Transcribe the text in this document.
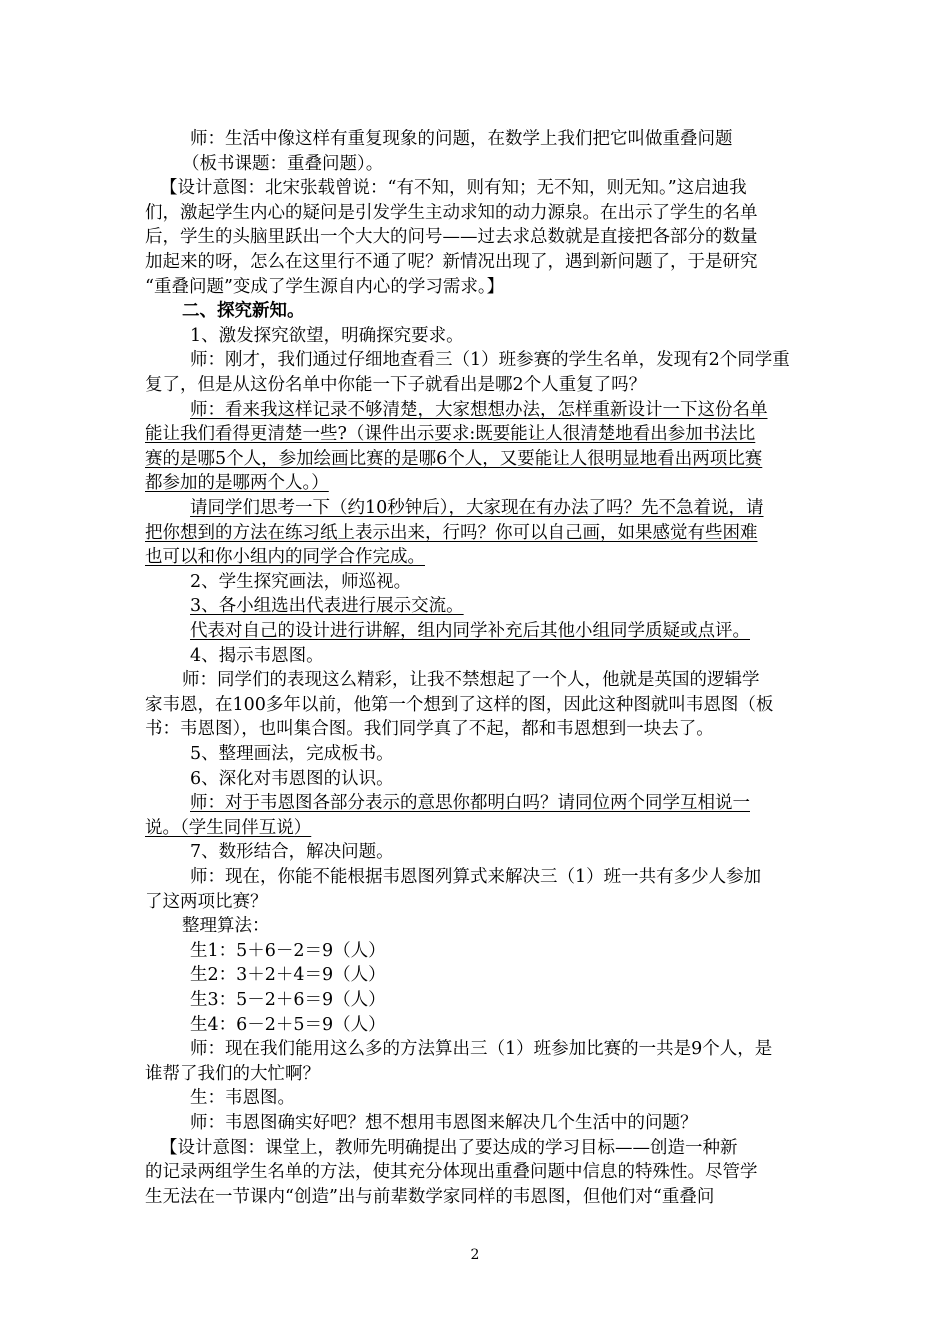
师：生活中像这样有重复现象的问题，在数学上我们把它叫做重叠问题
（板书课题：重叠问题）。
【设计意图：北宋张载曾说：“有不知，则有知；无不知，则无知。”这启迪我
们，激起学生内心的疑问是引发学生主动求知的动力源泉。在出示了学生的名单
后，学生的头脑里跃出一个大大的问号——过去求总数就是直接把各部分的数量
加起来的呀，怎么在这里行不通了呢？新情况出现了，遇到新问题了，于是研究
“重叠问题”变成了学生源自内心的学习需求。】
二、探究新知。
1、激发探究欲望，明确探究要求。
师：刚才，我们通过仔细地查看三（1）班参赛的学生名单，发现有2个同学重
复了，但是从这份名单中你能一下子就看出是哪2个人重复了吗？
师：看来我这样记录不够清楚，大家想想办法，怎样重新设计一下这份名单
能让我们看得更清楚一些?（课件出示要求:既要能让人很清楚地看出参加书法比
赛的是哪5个人，参加绘画比赛的是哪6个人，又要能让人很明显地看出两项比赛
都参加的是哪两个人。）
请同学们思考一下（约10秒钟后），大家现在有办法了吗？先不急着说，请
把你想到的方法在练习纸上表示出来，行吗？你可以自己画，如果感觉有些困难
也可以和你小组内的同学合作完成。
2、学生探究画法，师巡视。
3、各小组选出代表进行展示交流。
代表对自己的设计进行讲解，组内同学补充后其他小组同学质疑或点评。
4、揭示韦恩图。
师：同学们的表现这么精彩，让我不禁想起了一个人，他就是英国的逻辑学
家韦恩，在100多年以前，他第一个想到了这样的图，因此这种图就叫韦恩图（板
书：韦恩图），也叫集合图。我们同学真了不起，都和韦恩想到一块去了。
5、整理画法，完成板书。
6、深化对韦恩图的认识。
师：对于韦恩图各部分表示的意思你都明白吗？请同位两个同学互相说一
说。（学生同伴互说）
7、数形结合，解决问题。
师：现在，你能不能根据韦恩图列算式来解决三（1）班一共有多少人参加
了这两项比赛？
整理算法：
生1：5＋6－2＝9（人）
生2：3＋2＋4＝9（人）
生3：5－2＋6＝9（人）
生4：6－2＋5＝9（人）
师：现在我们能用这么多的方法算出三（1）班参加比赛的一共是9个人，是
谁帮了我们的大忙啊？
生：韦恩图。
师：韦恩图确实好吧？想不想用韦恩图来解决几个生活中的问题？
【设计意图：课堂上，教师先明确提出了要达成的学习目标——创造一种新
的记录两组学生名单的方法，使其充分体现出重叠问题中信息的特殊性。尽管学
生无法在一节课内“创造”出与前辈数学家同样的韦恩图，但他们对“重叠问
2
